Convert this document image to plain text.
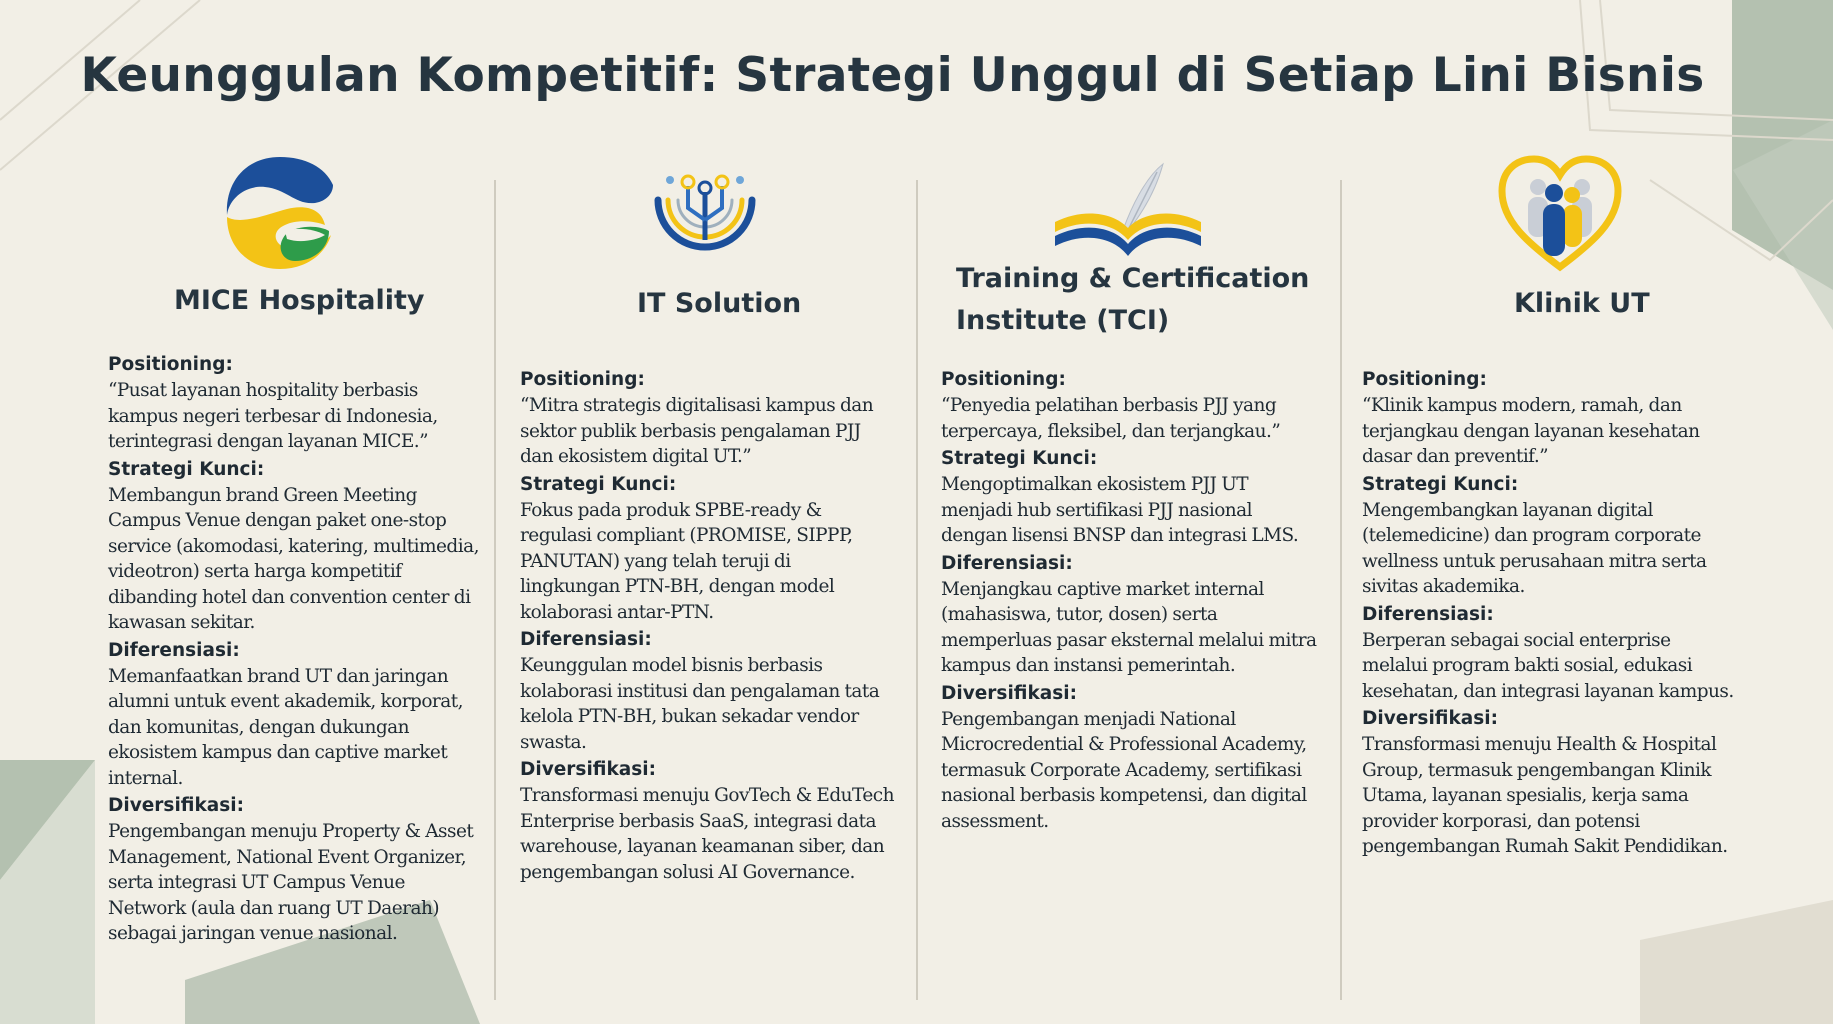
Keunggulan Kompetitif: Strategi Unggul di Setiap Lini Bisnis
MICE Hospitality
Positioning:

“Pusat layanan hospitality berbasis kampus negeri terbesar di Indonesia, terintegrasi dengan layanan MICE.”

Strategi Kunci:

Membangun brand Green Meeting Campus Venue dengan paket one-stop service (akomodasi, katering, multimedia, videotron) serta harga kompetitif dibanding hotel dan convention center di kawasan sekitar.

Diferensiasi:

Memanfaatkan brand UT dan jaringan alumni untuk event akademik, korporat, dan komunitas, dengan dukungan ekosistem kampus dan captive market internal.

Diversifikasi:

Pengembangan menuju Property & Asset Management, National Event Organizer, serta integrasi UT Campus Venue Network (aula dan ruang UT Daerah) sebagai jaringan venue nasional.

IT Solution
Positioning:

“Mitra strategis digitalisasi kampus dan sektor publik berbasis pengalaman PJJ dan ekosistem digital UT.”

Strategi Kunci:

Fokus pada produk SPBE-ready & regulasi compliant (PROMISE, SIPPP, PANUTAN) yang telah teruji di lingkungan PTN-BH, dengan model kolaborasi antar-PTN.

Diferensiasi:

Keunggulan model bisnis berbasis kolaborasi institusi dan pengalaman tata kelola PTN-BH, bukan sekadar vendor swasta.

Diversifikasi:

Transformasi menuju GovTech & EduTech Enterprise berbasis SaaS, integrasi data warehouse, layanan keamanan siber, dan pengembangan solusi AI Governance.

Training & Certification Institute (TCI)
Positioning:

“Penyedia pelatihan berbasis PJJ yang terpercaya, fleksibel, dan terjangkau.”

Strategi Kunci:

Mengoptimalkan ekosistem PJJ UT menjadi hub sertifikasi PJJ nasional dengan lisensi BNSP dan integrasi LMS.

Diferensiasi:

Menjangkau captive market internal (mahasiswa, tutor, dosen) serta memperluas pasar eksternal melalui mitra kampus dan instansi pemerintah.

Diversifikasi:

Pengembangan menjadi National Microcredential & Professional Academy, termasuk Corporate Academy, sertifikasi nasional berbasis kompetensi, dan digital assessment.

Klinik UT
Positioning:

“Klinik kampus modern, ramah, dan terjangkau dengan layanan kesehatan dasar dan preventif.”

Strategi Kunci:

Mengembangkan layanan digital (telemedicine) dan program corporate wellness untuk perusahaan mitra serta sivitas akademika.

Diferensiasi:

Berperan sebagai social enterprise melalui program bakti sosial, edukasi kesehatan, dan integrasi layanan kampus.

Diversifikasi:

Transformasi menuju Health & Hospital Group, termasuk pengembangan Klinik Utama, layanan spesialis, kerja sama provider korporasi, dan potensi pengembangan Rumah Sakit Pendidikan.
